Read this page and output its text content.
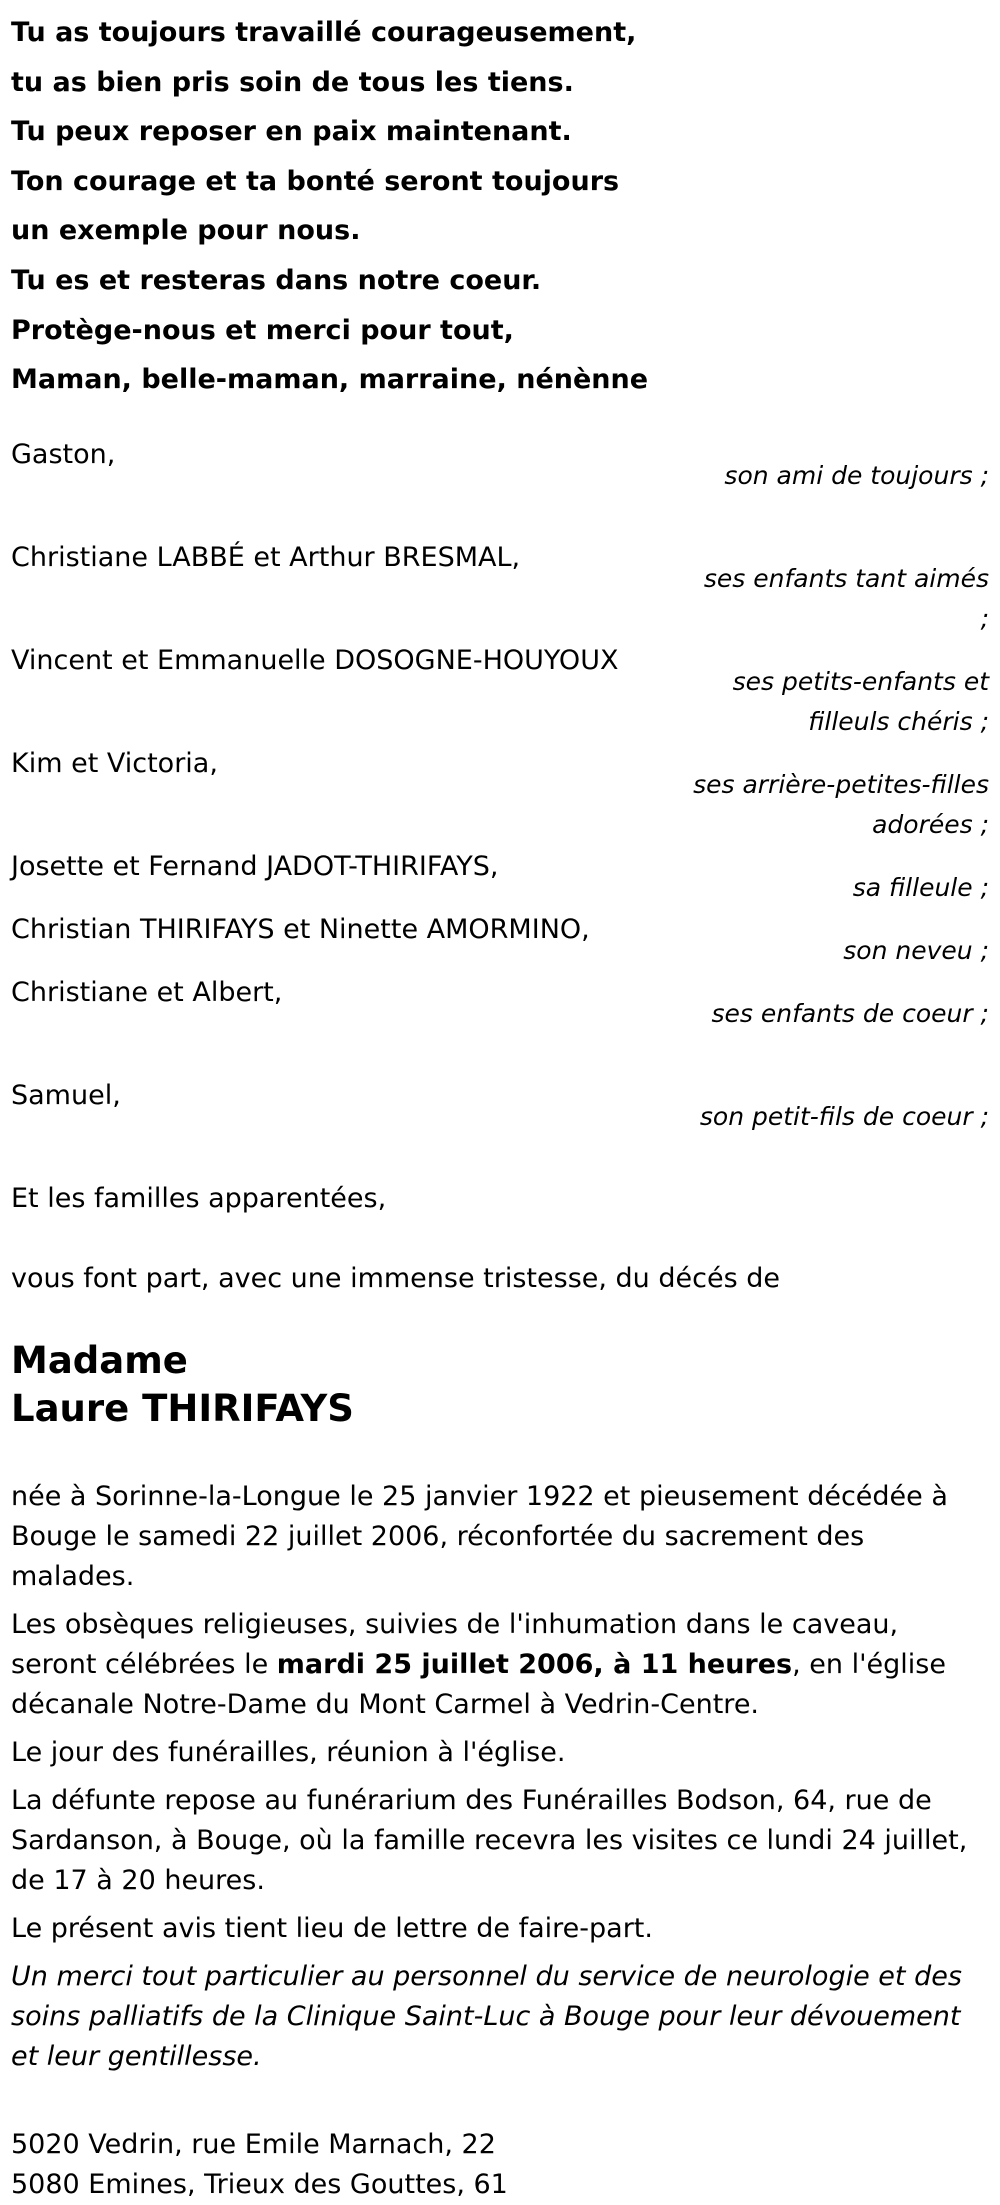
Tu as toujours travaillé courageusement,
tu as bien pris soin de tous les tiens.
Tu peux reposer en paix maintenant.
Ton courage et ta bonté seront toujours
un exemple pour nous.
Tu es et resteras dans notre coeur.
Protège-nous et merci pour tout,
Maman, belle-maman, marraine, nénènne
Gaston,
son ami de toujours ;
Christiane LABBÉ et Arthur BRESMAL,
ses enfants tant aimés ;
Vincent et Emmanuelle DOSOGNE-HOUYOUX
ses petits-enfants et filleuls chéris ;
Kim et Victoria,
ses arrière-petites-filles adorées ;
Josette et Fernand JADOT-THIRIFAYS,
sa filleule ;
Christian THIRIFAYS et Ninette AMORMINO,
son neveu ;
Christiane et Albert,
ses enfants de coeur ;
Samuel,
son petit-fils de coeur ;
Et les familles apparentées,
vous font part, avec une immense tristesse, du décés de
Madame
Laure THIRIFAYS

née à Sorinne-la-Longue le 25 janvier 1922 et pieusement décédée à Bouge le samedi 22 juillet 2006, réconfortée du sacrement des malades.

Les obsèques religieuses, suivies de l'inhumation dans le caveau, seront célébrées le mardi 25 juillet 2006, à 11 heures, en l'église décanale Notre-Dame du Mont Carmel à Vedrin-Centre.

Le jour des funérailles, réunion à l'église.

La défunte repose au funérarium des Funérailles Bodson, 64, rue de Sardanson, à Bouge, où la famille recevra les visites ce lundi 24 juillet, de 17 à 20 heures.

Le présent avis tient lieu de lettre de faire-part.

Un merci tout particulier au personnel du service de neurologie et des soins palliatifs de la Clinique Saint-Luc à Bouge pour leur dévouement et leur gentillesse.

5020 Vedrin, rue Emile Marnach, 22
5080 Emines, Trieux des Gouttes, 61
